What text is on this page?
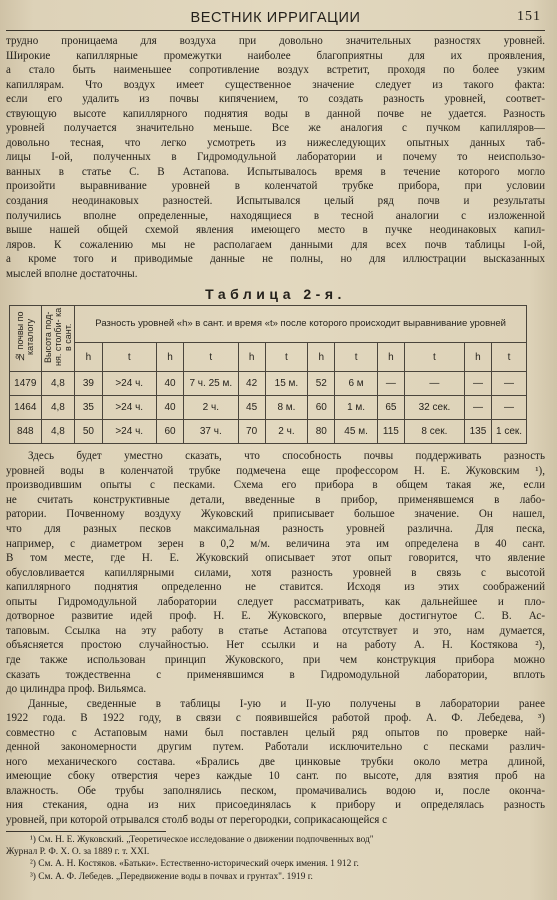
ВЕСТНИК ИРРИГАЦИИ	151
трудно проницаема для воздуха при довольно значительных разностях уровней.
Широкие капиллярные промежутки наиболее благоприятны для их проявления,
а стало быть наименьшее сопротивление воздух встретит, проходя по более узким
капиллярам. Что воздух имеет существенное значение следует из такого факта:
если его удалить из почвы кипячением, то создать разность уровней, соответ-
ствующую высоте капиллярного поднятия воды в данной почве не удается. Разность
уровней получается значительно меньше. Все же аналогия с пучком капилляров—
довольно тесная, что легко усмотреть из нижеследующих опытных данных таб-
лицы I-ой, полученных в Гидромодульной лаборатории и почему то неиспользо-
ванных в статье С. В Астапова. Испытывалось время в течение которого могло
произойти выравнивание уровней в коленчатой трубке прибора, при условии
создания неодинаковых разностей. Испытывался целый ряд почв и результаты
получились вполне определенные, находящиеся в тесной аналогии с изложенной
выше нашей общей схемой явления имеющего место в пучке неодинаковых капил-
ляров. К сожалению мы не располагаем данными для всех почв таблицы I-ой,
а кроме того и приводимые данные не полны, но для иллюстрации высказанных
мыслей вполне достаточны.
Таблица 2-я.
№ почвы по каталогу	Высота под- ня. столби- ка в сант.	Разность уровней «h» в сант. и время «t» после которого происходит выравнивание уровней											
		h	t	h	t	h	t	h	t	h	t	h	t
1479	4,8	39	>24 ч.	40	7 ч. 25 м.	42	15 м.	52	6 м	—	—	—	—
1464	4,8	35	>24 ч.	40	2 ч.	45	8 м.	60	1 м.	65	32 сек.	—	—
848	4,8	50	>24 ч.	60	37 ч.	70	2 ч.	80	45 м.	115	8 сек.	135	1 сек.
Здесь будет уместно сказать, что способность почвы поддерживать разность
уровней воды в коленчатой трубке подмечена еще профессором Н. Е. Жуковским ¹),
производившим опыты с песками. Схема его прибора в общем такая же, если
не считать конструктивные детали, введенные в прибор, применявшемся в лабо-
ратории. Почвенному воздуху Жуковский приписывает большое значение. Он нашел,
что для разных песков максимальная разность уровней различна. Для песка,
например, с диаметром зерен в 0,2 м/м. величина эта им определена в 40 сант.
В том месте, где Н. Е. Жуковский описывает этот опыт говорится, что явление
обусловливается капиллярными силами, хотя разность уровней в связь с высотой
капиллярного поднятия определенно не ставится. Исходя из этих соображений
опыты Гидромодульной лаборатории следует рассматривать, как дальнейшее и пло-
дотворное развитие идей проф. Н. Е. Жуковского, впервые достигнутое С. В. Ас-
таповым. Ссылка на эту работу в статье Астапова отсутствует и это, нам думается,
объясняется простою случайностью. Нет ссылки и на работу А. Н. Костякова ²),
где также использован принцип Жуковского, при чем конструкция прибора можно
сказать тождественна с применявшимся в Гидромодульной лаборатории, вплоть
до цилиндра проф. Вильямса.
Данные, сведенные в таблицы I-ую и II-ую получены в лаборатории ранее
1922 года. В 1922 году, в связи с появившейся работой проф. А. Ф. Лебедева, ³)
совместно с Астаповым нами был поставлен целый ряд опытов по проверке най-
денной закономерности другим путем. Работали исключительно с песками различ-
ного механического состава. «Брались две цинковые трубки около метра длиной,
имеющие сбоку отверстия через каждые 10 сант. по высоте, для взятия проб на
влажность. Обе трубы заполнялись песком, промачивались водою и, после оконча-
ния стекания, одна из них присоединялась к прибору и определялась разность
уровней, при которой отрывался столб воды от перегородки, соприкасающейся с
¹) См. Н. Е. Жуковский. „Теоретическое исследование о движении подпочвенных вод"
Журнал Р. Ф. Х. О. за 1889 г. т. XXI.
²) См. А. Н. Костяков. «Батьки». Естественно-исторический очерк имения. 1 912 г.
³) См. А. Ф. Лебедев. „Передвижение воды в почвах и грунтах". 1919 г.
